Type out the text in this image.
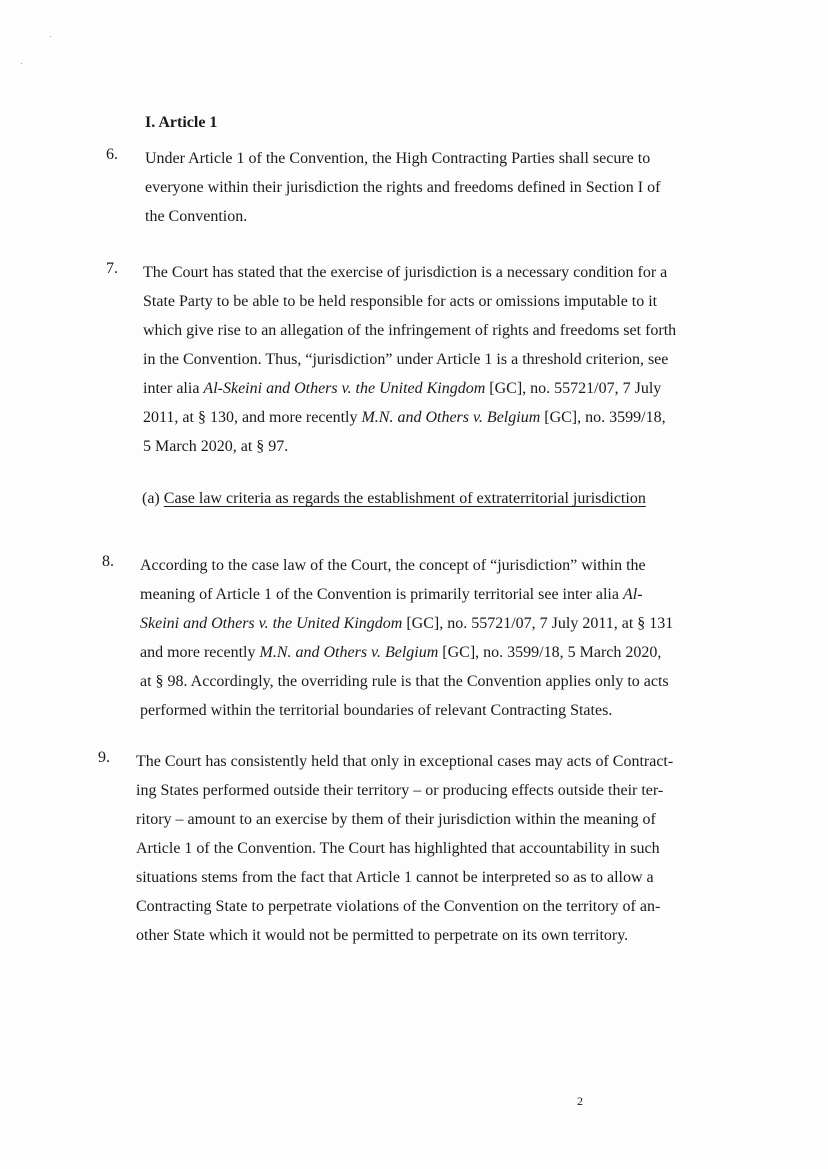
I. Article 1
6. Under Article 1 of the Convention, the High Contracting Parties shall secure to
everyone within their jurisdiction the rights and freedoms defined in Section I of
the Convention.
7. The Court has stated that the exercise of jurisdiction is a necessary condition for a
State Party to be able to be held responsible for acts or omissions imputable to it
which give rise to an allegation of the infringement of rights and freedoms set forth
in the Convention. Thus, “jurisdiction” under Article 1 is a threshold criterion, see
inter alia Al-Skeini and Others v. the United Kingdom [GC], no. 55721/07, 7 July
2011, at § 130, and more recently M.N. and Others v. Belgium [GC], no. 3599/18,
5 March 2020, at § 97.
(a) Case law criteria as regards the establishment of extraterritorial jurisdiction
8. According to the case law of the Court, the concept of “jurisdiction” within the
meaning of Article 1 of the Convention is primarily territorial see inter alia Al-
Skeini and Others v. the United Kingdom [GC], no. 55721/07, 7 July 2011, at § 131
and more recently M.N. and Others v. Belgium [GC], no. 3599/18, 5 March 2020,
at § 98. Accordingly, the overriding rule is that the Convention applies only to acts
performed within the territorial boundaries of relevant Contracting States.
9. The Court has consistently held that only in exceptional cases may acts of Contract-
ing States performed outside their territory – or producing effects outside their ter-
ritory – amount to an exercise by them of their jurisdiction within the meaning of
Article 1 of the Convention. The Court has highlighted that accountability in such
situations stems from the fact that Article 1 cannot be interpreted so as to allow a
Contracting State to perpetrate violations of the Convention on the territory of an-
other State which it would not be permitted to perpetrate on its own territory.
2
